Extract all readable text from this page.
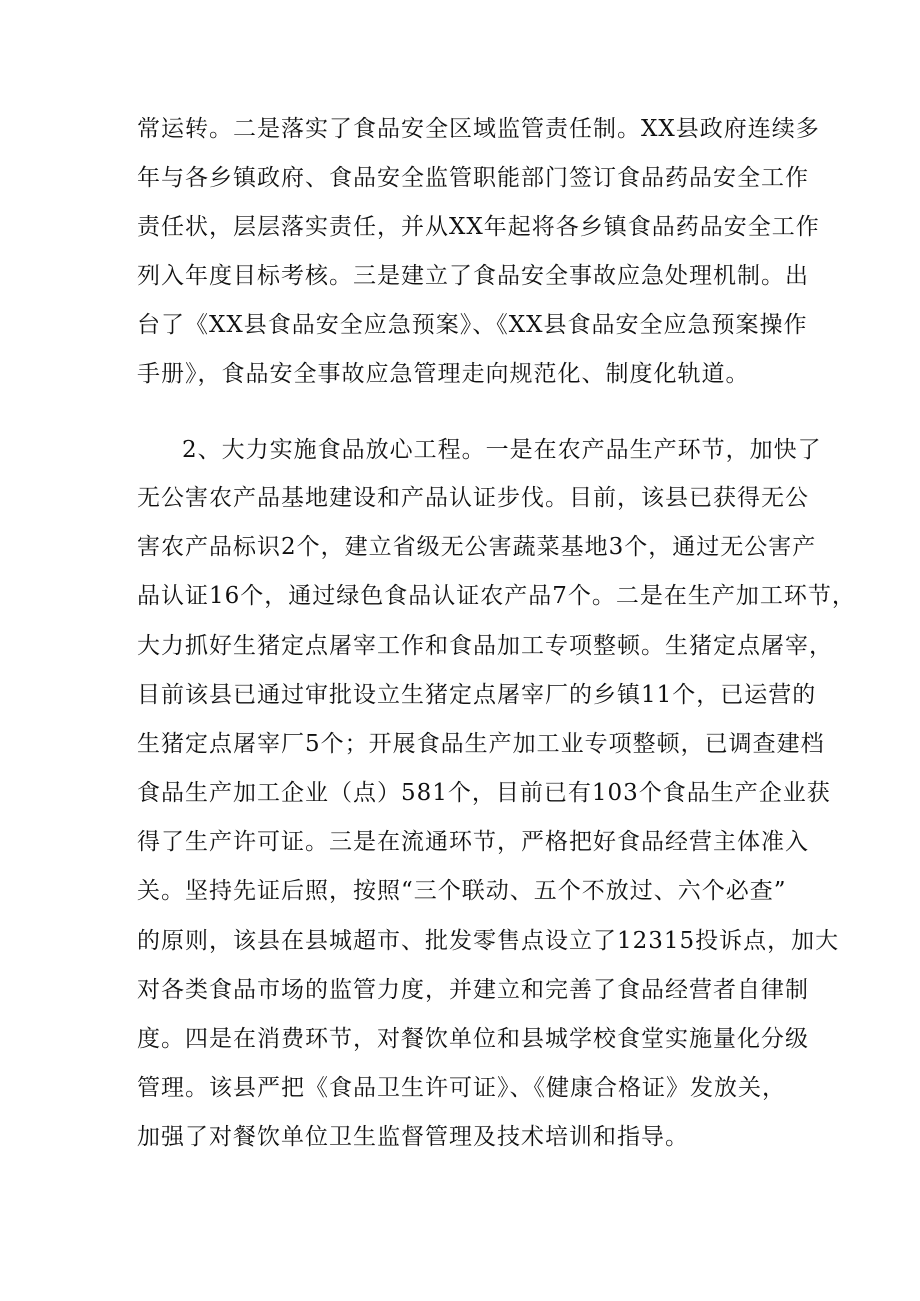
常运转。二是落实了食品安全区域监管责任制。XX县政府连续多
年与各乡镇政府、食品安全监管职能部门签订食品药品安全工作
责任状，层层落实责任，并从XX年起将各乡镇食品药品安全工作
列入年度目标考核。三是建立了食品安全事故应急处理机制。出
台了《XX县食品安全应急预案》、《XX县食品安全应急预案操作
手册》，食品安全事故应急管理走向规范化、制度化轨道。
2、大力实施食品放心工程。一是在农产品生产环节，加快了
无公害农产品基地建设和产品认证步伐。目前，该县已获得无公
害农产品标识2个，建立省级无公害蔬菜基地3个，通过无公害产
品认证16个，通过绿色食品认证农产品7个。二是在生产加工环节，
大力抓好生猪定点屠宰工作和食品加工专项整顿。生猪定点屠宰，
目前该县已通过审批设立生猪定点屠宰厂的乡镇11个，已运营的
生猪定点屠宰厂5个；开展食品生产加工业专项整顿，已调查建档
食品生产加工企业（点）581个，目前已有103个食品生产企业获
得了生产许可证。三是在流通环节，严格把好食品经营主体准入
关。坚持先证后照，按照“三个联动、五个不放过、六个必查”
的原则，该县在县城超市、批发零售点设立了12315投诉点，加大
对各类食品市场的监管力度，并建立和完善了食品经营者自律制
度。四是在消费环节，对餐饮单位和县城学校食堂实施量化分级
管理。该县严把《食品卫生许可证》、《健康合格证》发放关，
加强了对餐饮单位卫生监督管理及技术培训和指导。
